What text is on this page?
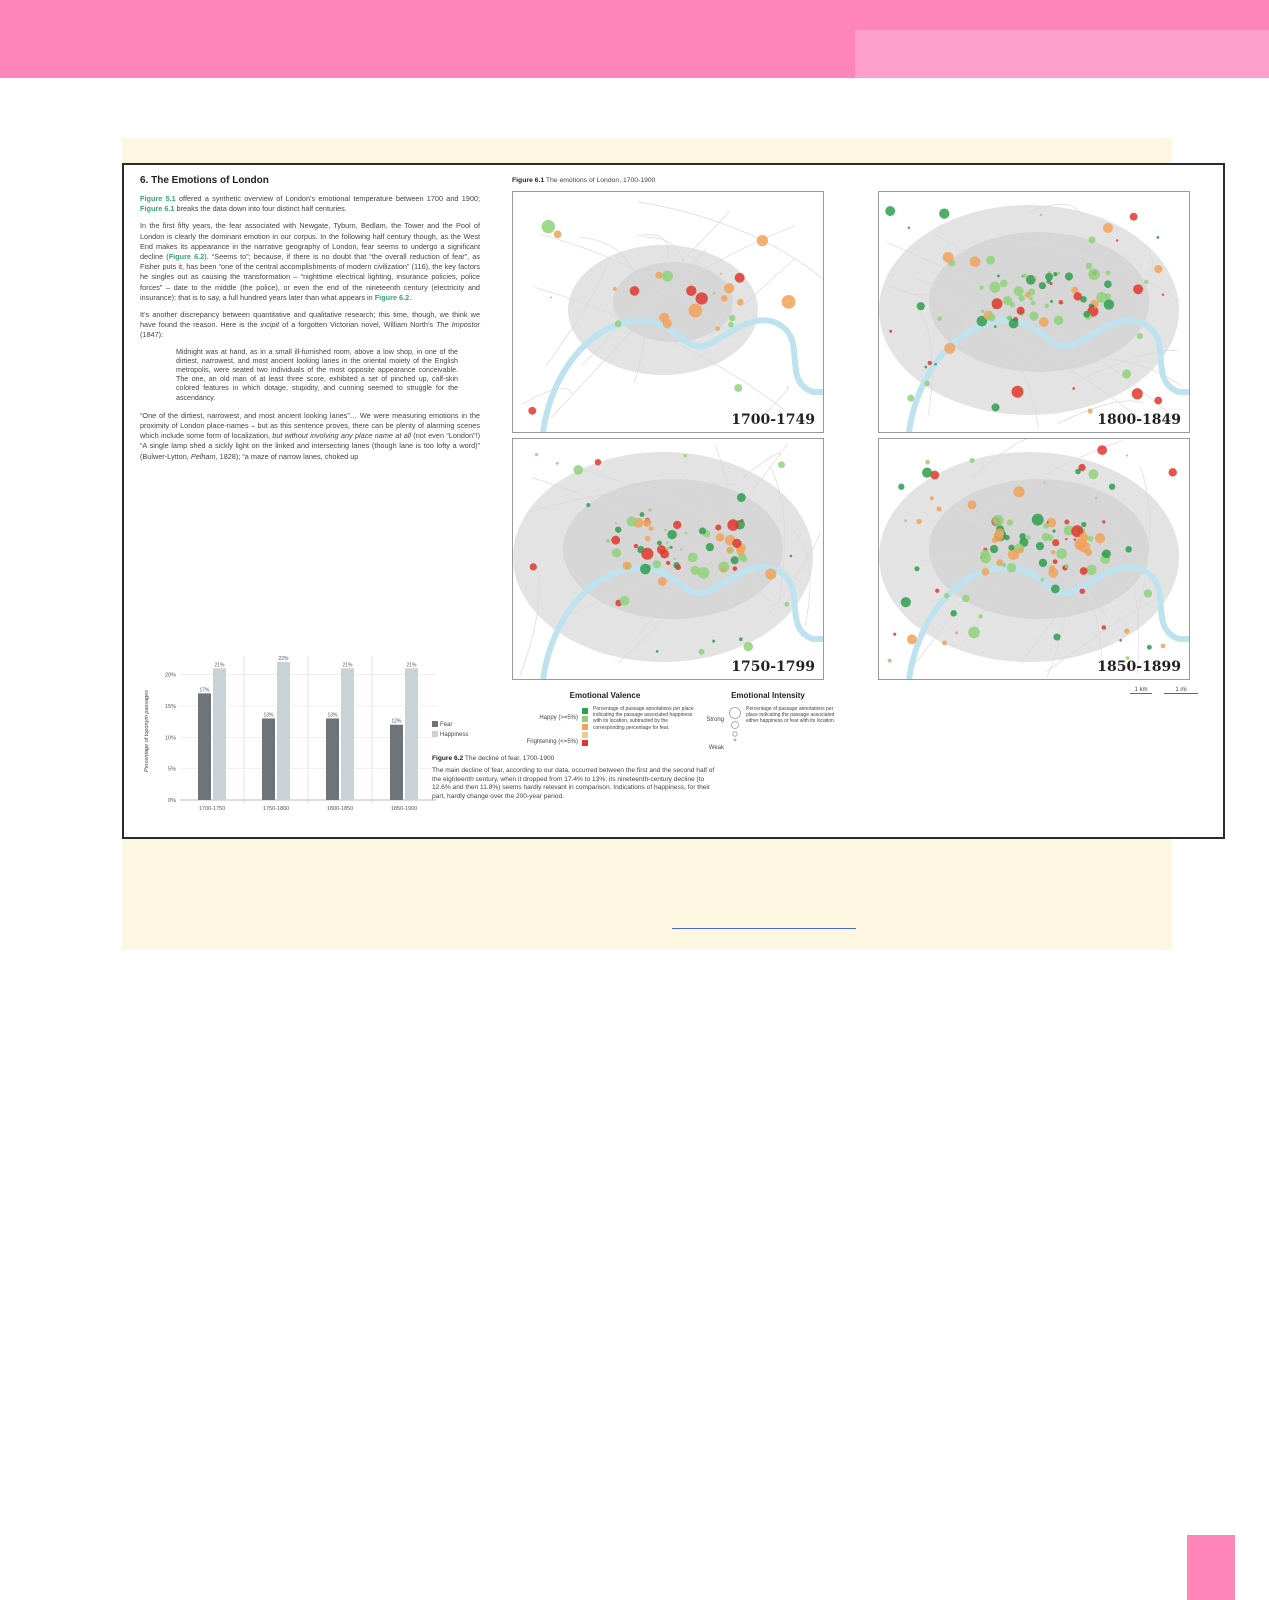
6. The Emotions of London

Figure 5.1 offered a synthetic overview of London’s emotional temperature between 1700 and 1900; Figure 6.1 breaks the data down into four distinct half centuries.

In the first fifty years, the fear associated with Newgate, Tyburn, Bedlam, the Tower and the Pool of London is clearly the dominant emotion in our corpus. In the following half century though, as the West End makes its appearance in the narrative geography of London, fear seems to undergo a significant decline (Figure 6.2). “Seems to”; because, if there is no doubt that “the overall reduction of fear”, as Fisher puts it, has been “one of the central accomplishments of modern civilization” (116), the key factors he singles out as causing the transformation – “nighttime electrical lighting, insurance policies, police forces” – date to the middle (the police), or even the end of the nineteenth century (electricity and insurance): that is to say, a full hundred years later than what appears in Figure 6.2.

It’s another discrepancy between quantitative and qualitative research; this time, though, we think we have found the reason. Here is the incipit of a forgotten Victorian novel, William North’s The Impostor (1847):

Midnight was at hand, as in a small ill-furnished room, above a low shop, in one of the dirtiest, narrowest, and most ancient looking lanes in the oriental moiety of the English metropolis, were seated two individuals of the most opposite appearance conceivable. The one, an old man of at least three score, exhibited a set of pinched up, calf-skin colored features in which dotage, stupidity, and cunning seemed to struggle for the ascendancy.

“One of the dirtiest, narrowest, and most ancient looking lanes”… We were measuring emotions in the proximity of London place-names – but as this sentence proves, there can be plenty of alarming scenes which include some form of localization, but without involving any place name at all (not even “London”!) “A single lamp shed a sickly light on the linked and intersecting lanes (though lane is too lofty a word)” (Bulwer-Lytton, Pelham, 1828); “a maze of narrow lanes, choked up

Figure 6.1 The emotions of London, 1700-1900
1700-1749	1800-1849
1750-1799	1850-1899
1 km	1 mi
Emotional Valence
Happy (>=5%)
Frightening (<=5%)

Percentage of passage annotations per place indicating the passage associated happiness with its location, subtracted by the corresponding percentage for fear.
Emotional Intensity
Strong
Weak
Percentage of passage annotations per place indicating the passage associated either happiness or fear with its location.
Percentage of toponym passages
0%
5%
10%
15%
20%
17%
21%
1700-1750
13%
22%
1750-1800
13%
21%
1800-1850
12%
21%
1850-1900
Fear
Happiness
Figure 6.2 The decline of fear, 1700-1900
The main decline of fear, according to our data, occurred between the first and the second half of the eighteenth century, when it dropped from 17.4% to 13%; its nineteenth-century decline (to 12.6% and then 11.8%) seems hardly relevant in comparison. Indications of happiness, for their part, hardly change over the 200-year period.
